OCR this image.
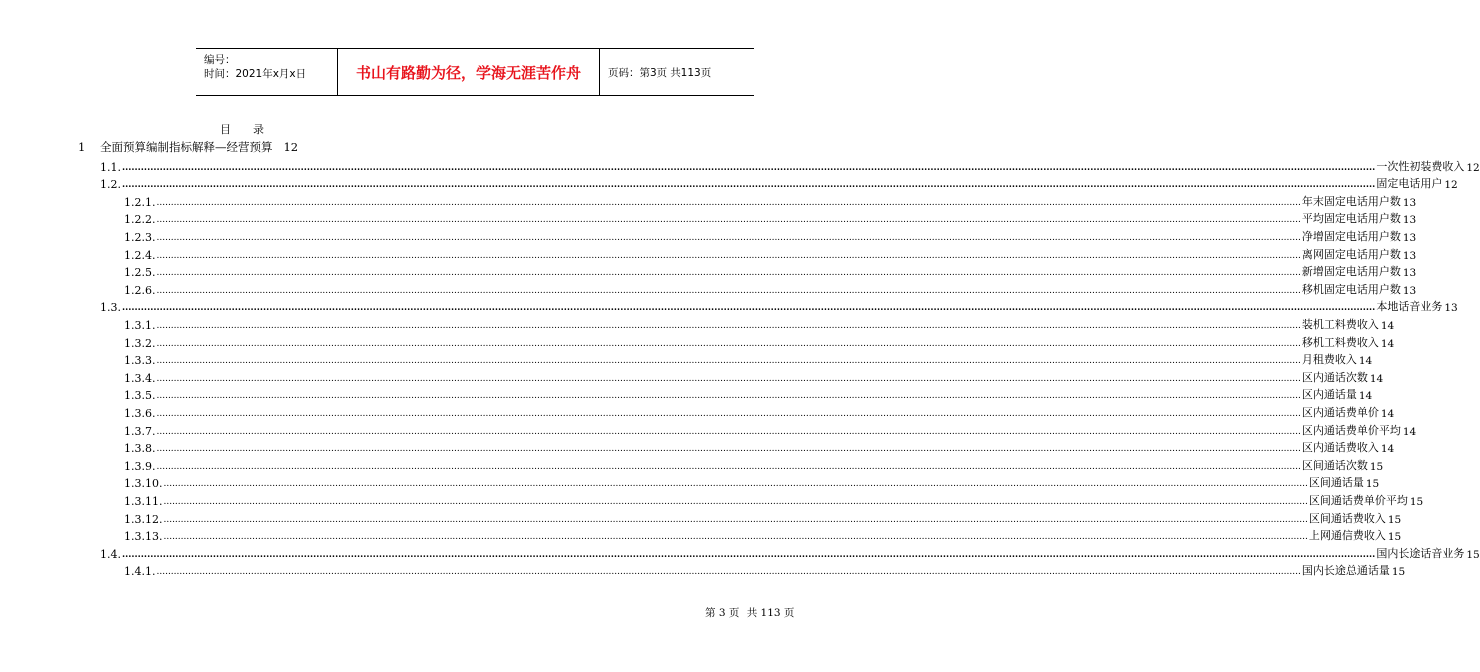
编号：
时间：2021年x月x日	书山有路勤为径，学海无涯苦作舟	页码：第3页 共113页
目 录
1 全面预算编制指标解释—经营预算 12
1.1. ................................................................................................................................................................................................................................................................................................................................................................................................................ 一次性初装费收入 12
1.2. ................................................................................................................................................................................................................................................................................................................................................................................................................ 固定电话用户 12
1.2.1. ................................................................................................................................................................................................................................................................................................................................................................................................................ 年末固定电话用户数 13
1.2.2. ................................................................................................................................................................................................................................................................................................................................................................................................................ 平均固定电话用户数 13
1.2.3. ................................................................................................................................................................................................................................................................................................................................................................................................................ 净增固定电话用户数 13
1.2.4. ................................................................................................................................................................................................................................................................................................................................................................................................................ 离网固定电话用户数 13
1.2.5. ................................................................................................................................................................................................................................................................................................................................................................................................................ 新增固定电话用户数 13
1.2.6. ................................................................................................................................................................................................................................................................................................................................................................................................................ 移机固定电话用户数 13
1.3. ................................................................................................................................................................................................................................................................................................................................................................................................................ 本地话音业务 13
1.3.1. ................................................................................................................................................................................................................................................................................................................................................................................................................ 装机工料费收入 14
1.3.2. ................................................................................................................................................................................................................................................................................................................................................................................................................ 移机工料费收入 14
1.3.3. ................................................................................................................................................................................................................................................................................................................................................................................................................ 月租费收入 14
1.3.4. ................................................................................................................................................................................................................................................................................................................................................................................................................ 区内通话次数 14
1.3.5. ................................................................................................................................................................................................................................................................................................................................................................................................................ 区内通话量 14
1.3.6. ................................................................................................................................................................................................................................................................................................................................................................................................................ 区内通话费单价 14
1.3.7. ................................................................................................................................................................................................................................................................................................................................................................................................................ 区内通话费单价平均 14
1.3.8. ................................................................................................................................................................................................................................................................................................................................................................................................................ 区内通话费收入 14
1.3.9. ................................................................................................................................................................................................................................................................................................................................................................................................................ 区间通话次数 15
1.3.10. ................................................................................................................................................................................................................................................................................................................................................................................................................ 区间通话量 15
1.3.11. ................................................................................................................................................................................................................................................................................................................................................................................................................ 区间通话费单价平均 15
1.3.12. ................................................................................................................................................................................................................................................................................................................................................................................................................ 区间通话费收入 15
1.3.13. ................................................................................................................................................................................................................................................................................................................................................................................................................ 上网通信费收入 15
1.4. ................................................................................................................................................................................................................................................................................................................................................................................................................ 国内长途话音业务 15
1.4.1. ................................................................................................................................................................................................................................................................................................................................................................................................................ 国内长途总通话量 15
第 3 页 共 113 页
